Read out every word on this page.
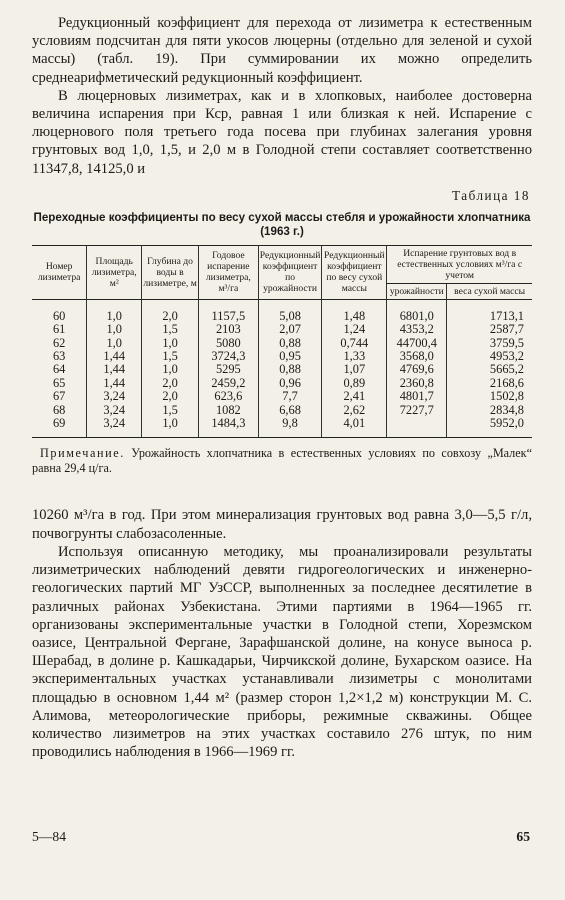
Редукционный коэффициент для перехода от лизиметра к естественным условиям подсчитан для пяти укосов люцерны (отдельно для зеленой и сухой массы) (табл. 19). При суммировании их можно определить среднеарифметический редукционный коэффициент.

В люцерновых лизиметрах, как и в хлопковых, наиболее достоверна величина испарения при Кср, равная 1 или близкая к ней. Испарение с люцернового поля третьего года посева при глубинах залегания уровня грунтовых вод 1,0, 1,5, и 2,0 м в Голодной степи составляет соответственно 11347,8, 14125,0 и

Таблица 18
Переходные коэффициенты по весу сухой массы стебля и урожайности хлопчатника (1963 г.)
Номер лизиметра	Площадь лизиметра, м²	Глубина до воды в лизиметре, м	Годовое испарение лизиметра, м³/га	Редукционный коэффициент по урожайности	Редукционный коэффициент по весу сухой массы	Испарение грунтовых вод в естественных условиях м³/га с учетом	
						урожайности	веса сухой массы
60	1,0	2,0	1157,5	5,08	1,48	6801,0	1713,1
61	1,0	1,5	2103	2,07	1,24	4353,2	2587,7
62	1,0	1,0	5080	0,88	0,744	44700,4	3759,5
63	1,44	1,5	3724,3	0,95	1,33	3568,0	4953,2
64	1,44	1,0	5295	0,88	1,07	4769,6	5665,2
65	1,44	2,0	2459,2	0,96	0,89	2360,8	2168,6
67	3,24	2,0	623,6	7,7	2,41	4801,7	1502,8
68	3,24	1,5	1082	6,68	2,62	7227,7	2834,8
69	3,24	1,0	1484,3	9,8	4,01		5952,0
Примечание. Урожайность хлопчатника в естественных условиях по совхозу „Малек“ равна 29,4 ц/га.

10260 м³/га в год. При этом минерализация грунтовых вод равна 3,0—5,5 г/л, почвогрунты слабозасоленные.

Используя описанную методику, мы проанализировали результаты лизиметрических наблюдений девяти гидрогеологических и инженерно-геологических партий МГ УзССР, выполненных за последнее десятилетие в различных районах Узбекистана. Этими партиями в 1964—1965 гг. организованы экспериментальные участки в Голодной степи, Хорезмском оазисе, Центральной Фергане, Зарафшанской долине, на конусе выноса р. Шерабад, в долине р. Кашкадарьи, Чирчикской долине, Бухарском оазисе. На экспериментальных участках устанавливали лизиметры с монолитами площадью в основном 1,44 м² (размер сторон 1,2×1,2 м) конструкции М. С. Алимова, метеорологические приборы, режимные скважины. Общее количество лизиметров на этих участках составило 276 штук, по ним проводились наблюдения в 1966—1969 гг.

5—84	65
